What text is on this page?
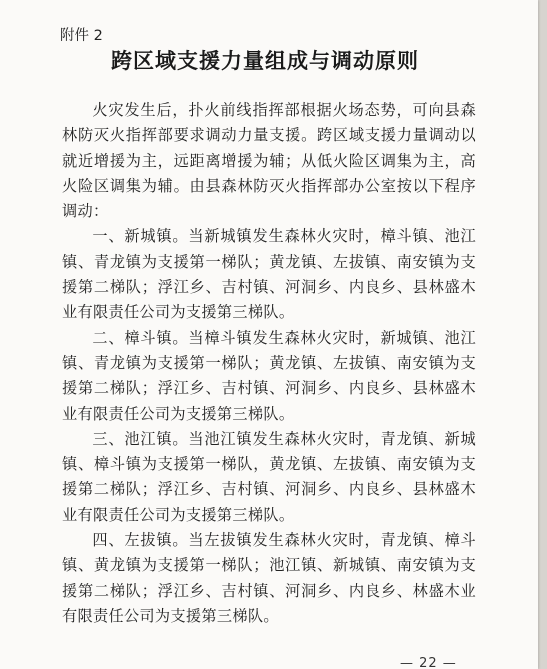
附件 2

跨区域支援力量组成与调动原则

火灾发生后，扑火前线指挥部根据火场态势，可向县森林防灭火指挥部要求调动力量支援。跨区域支援力量调动以就近增援为主，远距离增援为辅；从低火险区调集为主，高火险区调集为辅。由县森林防灭火指挥部办公室按以下程序调动：

一、新城镇。当新城镇发生森林火灾时，樟斗镇、池江镇、青龙镇为支援第一梯队；黄龙镇、左拔镇、南安镇为支援第二梯队；浮江乡、吉村镇、河洞乡、内良乡、县林盛木业有限责任公司为支援第三梯队。

二、樟斗镇。当樟斗镇发生森林火灾时，新城镇、池江镇、青龙镇为支援第一梯队；黄龙镇、左拔镇、南安镇为支援第二梯队；浮江乡、吉村镇、河洞乡、内良乡、县林盛木业有限责任公司为支援第三梯队。

三、池江镇。当池江镇发生森林火灾时，青龙镇、新城镇、樟斗镇为支援第一梯队，黄龙镇、左拔镇、南安镇为支援第二梯队；浮江乡、吉村镇、河洞乡、内良乡、县林盛木业有限责任公司为支援第三梯队。

四、左拔镇。当左拔镇发生森林火灾时，青龙镇、樟斗镇、黄龙镇为支援第一梯队；池江镇、新城镇、南安镇为支援第二梯队；浮江乡、吉村镇、河洞乡、内良乡、林盛木业有限责任公司为支援第三梯队。

— 22 —
